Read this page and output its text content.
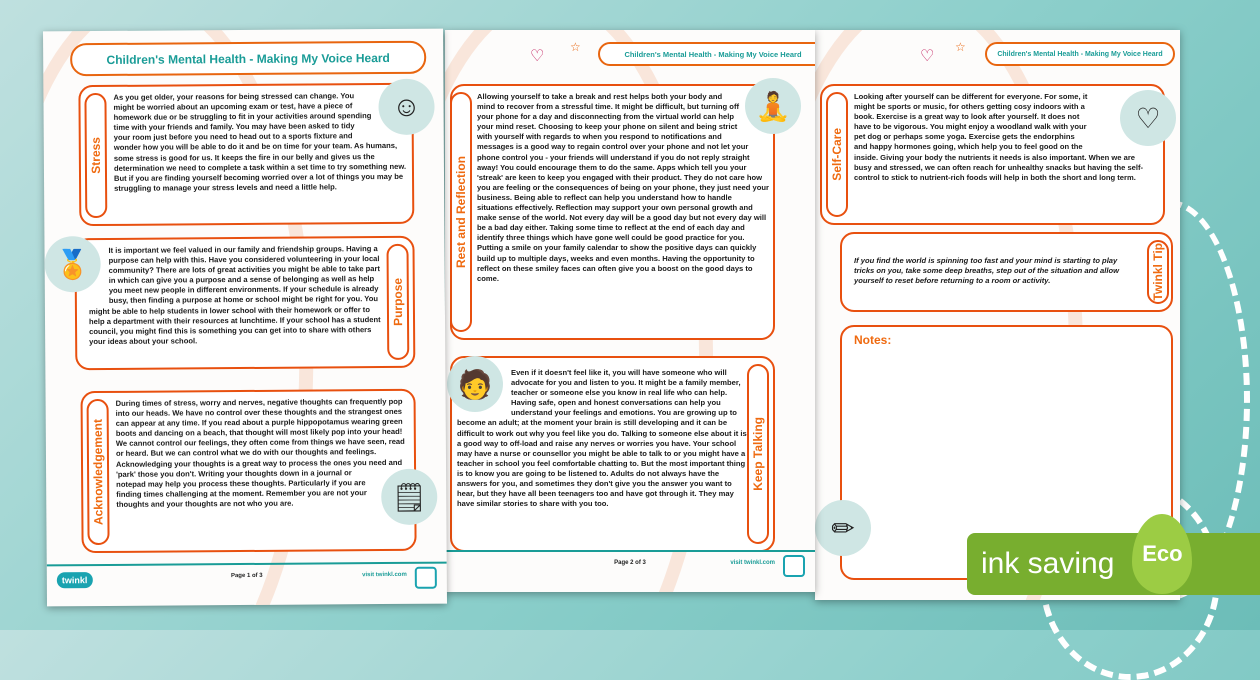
Children's Mental Health - Making My Voice Heard
Stress
As you get older, your reasons for being stressed can change. You might be worried about an upcoming exam or test, have a piece of homework due or be struggling to fit in your activities around spending time with your friends and family. You may have been asked to tidy your room just before you need to head out to a sports fixture and wonder how you will be able to do it and be on time for your team. As humans, some stress is good for us. It keeps the fire in our belly and gives us the determination we need to complete a task within a set time to try something new. But if you are finding yourself becoming worried over a lot of things you may be struggling to manage your stress levels and need a little help.
☺
Purpose
It is important we feel valued in our family and friendship groups. Having a purpose can help with this. Have you considered volunteering in your local community? There are lots of great activities you might be able to take part in which can give you a purpose and a sense of belonging as well as help you meet new people in different environments. If your schedule is already busy, then finding a purpose at home or school might be right for you. You might be able to help students in lower school with their homework or offer to help a department with their resources at lunchtime. If your school has a student council, you might find this is something you can get into to share with others your ideas about your school.
🏅
Acknowledgement
During times of stress, worry and nerves, negative thoughts can frequently pop into our heads. We have no control over these thoughts and the strangest ones can appear at any time. If you read about a purple hippopotamus wearing green boots and dancing on a beach, that thought will most likely pop into your head! We cannot control our feelings, they often come from things we have seen, read or heard. But we can control what we do with our thoughts and feelings. Acknowledging your thoughts is a great way to process the ones you need and 'park' those you don't. Writing your thoughts down in a journal or notepad may help you process these thoughts. Particularly if you are finding times challenging at the moment. Remember you are not your thoughts and your thoughts are not who you are.	🗒
twinkl	Page 1 of 3	visit twinkl.com
♡
☆	Children's Mental Health - Making My Voice Heard
Rest and Reflection
Allowing yourself to take a break and rest helps both your body and mind to recover from a stressful time. It might be difficult, but turning off your phone for a day and disconnecting from the virtual world can help your mind reset. Choosing to keep your phone on silent and being strict with yourself with regards to when you respond to notifications and messages is a good way to regain control over your phone and not let your phone control you - your friends will understand if you do not reply straight away! You could encourage them to do the same. Apps which tell you your 'streak' are keen to keep you engaged with their product. They do not care how you are feeling or the consequences of being on your phone, they just need your business. Being able to reflect can help you understand how to handle situations effectively. Reflection may support your own personal growth and make sense of the world. Not every day will be a good day but not every day will be a bad day either. Taking some time to reflect at the end of each day and identify three things which have gone well could be good practice for you. Putting a smile on your family calendar to show the positive days can quickly build up to multiple days, weeks and even months. Having the opportunity to reflect on these smiley faces can often give you a boost on the good days to come.
🧘
Keep Talking
Even if it doesn't feel like it, you will have someone who will advocate for you and listen to you. It might be a family member, teacher or someone else you know in real life who can help. Having safe, open and honest conversations can help you understand your feelings and emotions. You are growing up to become an adult; at the moment your brain is still developing and it can be difficult to work out why you feel like you do. Talking to someone else about it is a good way to off-load and raise any nerves or worries you have. Your school may have a nurse or counsellor you might be able to talk to or you might have a teacher in school you feel comfortable chatting to. But the most important thing is to know you are going to be listened to. Adults do not always have the answers for you, and sometimes they don't give you the answer you want to hear, but they have all been teenagers too and have got through it. They may have similar stories to share with you too.
🧑
Page 2 of 3	visit twinkl.com
♡
☆	Children's Mental Health - Making My Voice Heard
Self-Care
Looking after yourself can be different for everyone. For some, it might be sports or music, for others getting cosy indoors with a book. Exercise is a great way to look after yourself. It does not have to be vigorous. You might enjoy a woodland walk with your pet dog or perhaps some yoga. Exercise gets the endorphins and happy hormones going, which help you to feel good on the inside. Giving your body the nutrients it needs is also important. When we are busy and stressed, we can often reach for unhealthy snacks but having the self-control to stick to nutrient-rich foods will help in both the short and long term.
♡
Twinkl Tip
If you find the world is spinning too fast and your mind is starting to play tricks on you, take some deep breaths, step out of the situation and allow yourself to reset before returning to a room or activity.
Notes:
✏
ink saving Eco
